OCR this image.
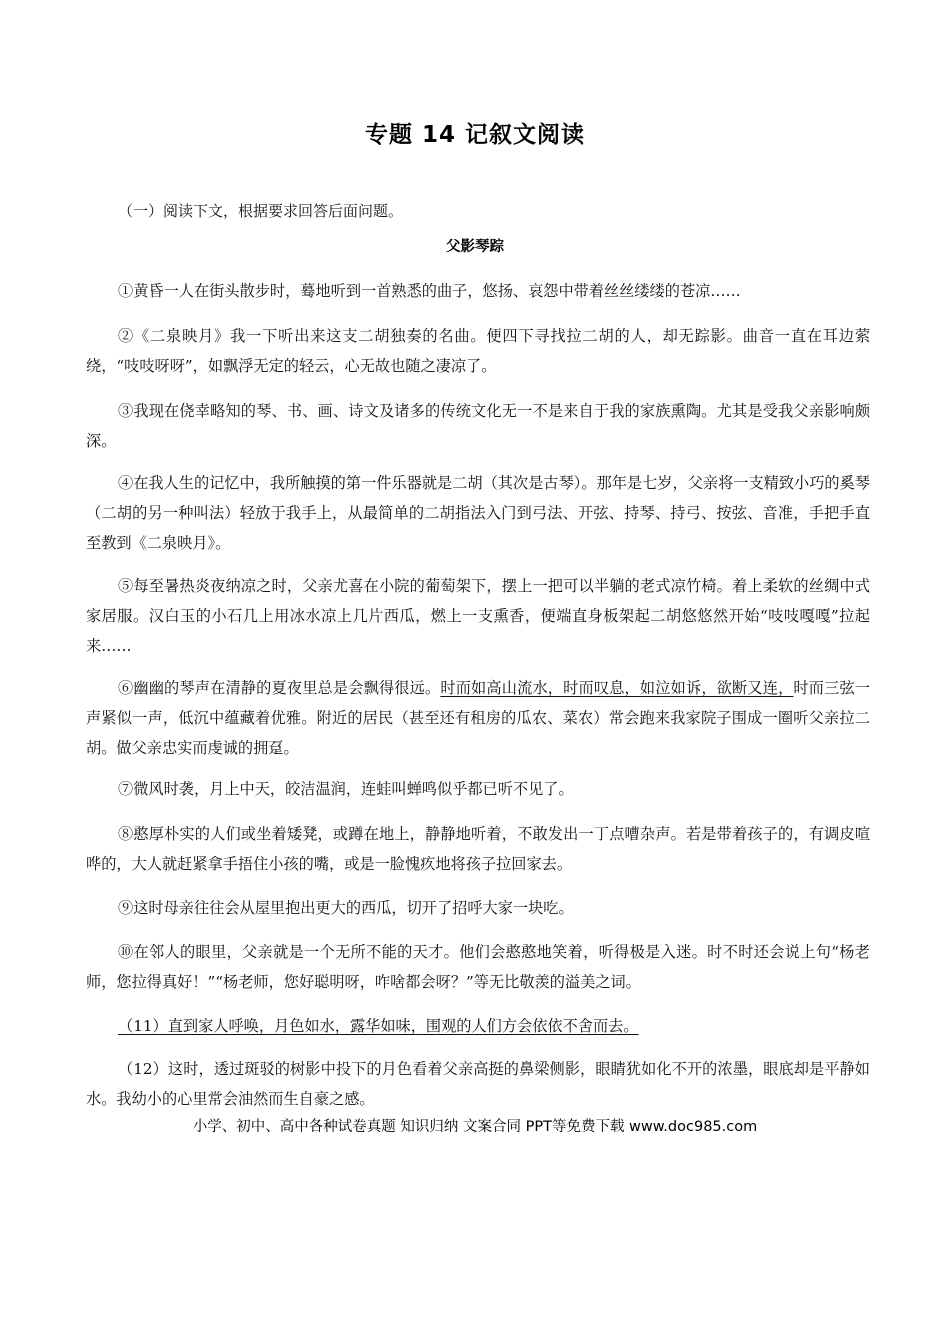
专题 14 记叙文阅读
（一）阅读下文，根据要求回答后面问题。
父影琴踪

①黄昏一人在街头散步时，蓦地听到一首熟悉的曲子，悠扬、哀怨中带着丝丝缕缕的苍凉……

②《二泉映月》我一下听出来这支二胡独奏的名曲。便四下寻找拉二胡的人，却无踪影。曲音一直在耳边萦绕，“吱吱呀呀”，如飘浮无定的轻云，心无故也随之凄凉了。

③我现在侥幸略知的琴、书、画、诗文及诸多的传统文化无一不是来自于我的家族熏陶。尤其是受我父亲影响颇深。

④在我人生的记忆中，我所触摸的第一件乐器就是二胡（其次是古琴）。那年是七岁，父亲将一支精致小巧的奚琴（二胡的另一种叫法）轻放于我手上，从最简单的二胡指法入门到弓法、开弦、持琴、持弓、按弦、音准，手把手直至教到《二泉映月》。

⑤每至暑热炎夜纳凉之时，父亲尤喜在小院的葡萄架下，摆上一把可以半躺的老式凉竹椅。着上柔软的丝绸中式家居服。汉白玉的小石几上用冰水凉上几片西瓜，燃上一支熏香，便端直身板架起二胡悠悠然开始“吱吱嘎嘎”拉起来……

⑥幽幽的琴声在清静的夏夜里总是会飘得很远。时而如高山流水，时而叹息，如泣如诉，欲断又连，时而三弦一声紧似一声，低沉中蕴藏着优雅。附近的居民（甚至还有租房的瓜农、菜农）常会跑来我家院子围成一圈听父亲拉二胡。做父亲忠实而虔诚的拥趸。

⑦微风时袭，月上中天，皎洁温润，连蛙叫蝉鸣似乎都已听不见了。

⑧憨厚朴实的人们或坐着矮凳，或蹲在地上，静静地听着，不敢发出一丁点嘈杂声。若是带着孩子的，有调皮喧哗的，大人就赶紧拿手捂住小孩的嘴，或是一脸愧疚地将孩子拉回家去。

⑨这时母亲往往会从屋里抱出更大的西瓜，切开了招呼大家一块吃。

⑩在邻人的眼里，父亲就是一个无所不能的天才。他们会憨憨地笑着，听得极是入迷。时不时还会说上句“杨老师，您拉得真好！”“杨老师，您好聪明呀，咋啥都会呀？”等无比敬羡的溢美之词。

（11）直到家人呼唤，月色如水，露华如味，围观的人们方会依依不舍而去。

（12）这时，透过斑驳的树影中投下的月色看着父亲高挺的鼻梁侧影，眼睛犹如化不开的浓墨，眼底却是平静如水。我幼小的心里常会油然而生自豪之感。

小学、初中、高中各种试卷真题 知识归纳 文案合同 PPT等免费下载 www.doc985.com
